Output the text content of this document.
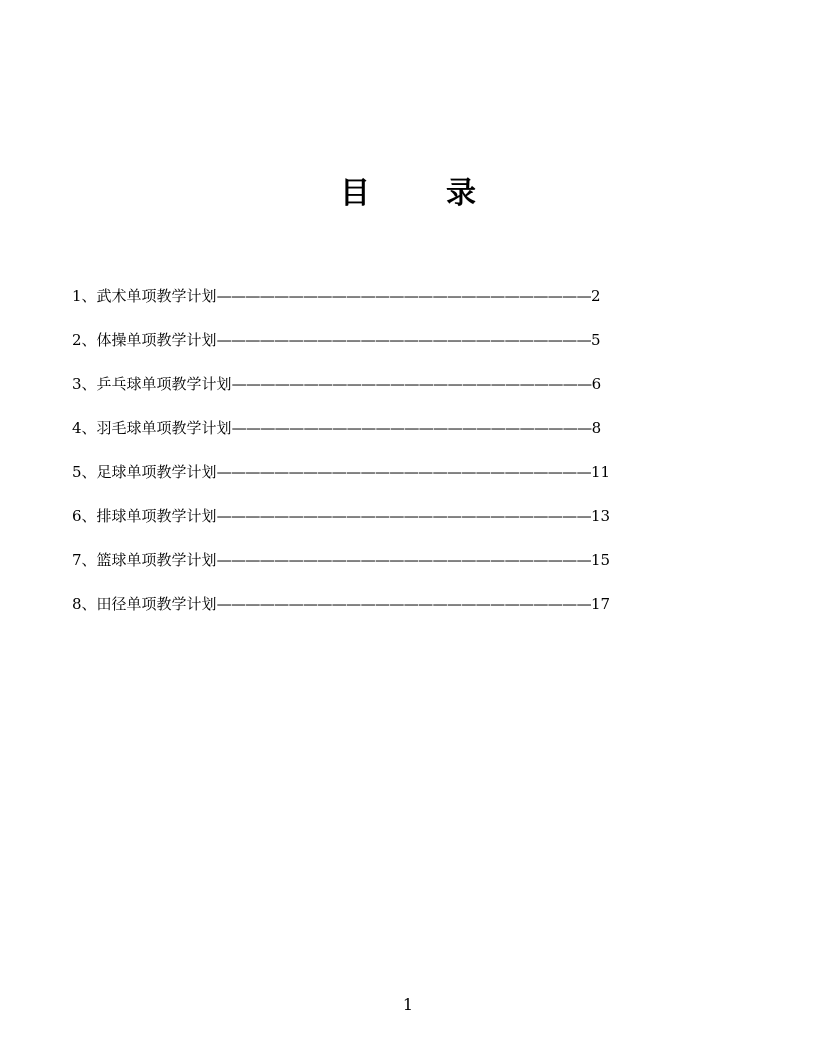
目	录
1、武术单项教学计划——————————————————————————2
2、体操单项教学计划——————————————————————————5
3、乒乓球单项教学计划—————————————————————————6
4、羽毛球单项教学计划—————————————————————————8
5、足球单项教学计划——————————————————————————11
6、排球单项教学计划——————————————————————————13
7、篮球单项教学计划——————————————————————————15
8、田径单项教学计划——————————————————————————17
1
